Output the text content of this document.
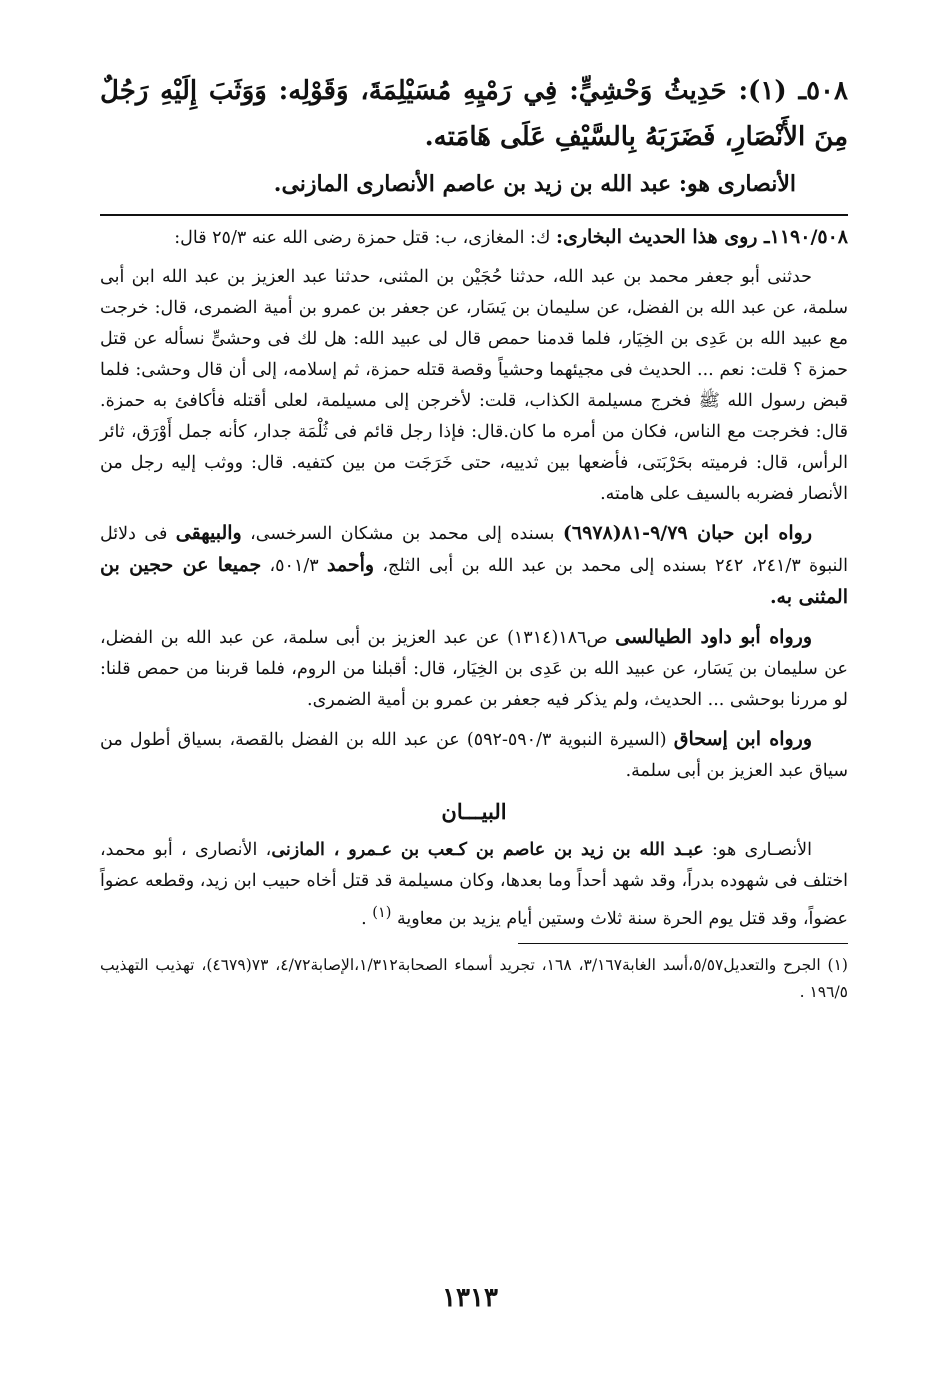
٥٠٨ـ (١): حَدِيثُ وَحْشِيٍّ: فِي رَمْيِهِ مُسَيْلِمَةَ، وَقَوْلِه: وَوَثَبَ إِلَيْهِ رَجُلٌ مِنَ الأَنْصَارِ، فَضَرَبَهُ بِالسَّيْفِ عَلَى هَامَته.

الأنصارى هو: عبد الله بن زيد بن عاصم الأنصارى المازنى.

١١٩٠/٥٠٨ـ روى هذا الحديث البخارى: ك: المغازى، ب: قتل حمزة رضى الله عنه ٢٥/٣ قال:

حدثنى أبو جعفر محمد بن عبد الله، حدثنا حُجَيْن بن المثنى، حدثنا عبد العزيز بن عبد الله ابن أبى سلمة، عن عبد الله بن الفضل، عن سليمان بن يَسَار، عن جعفر بن عمرو بن أمية الضمرى، قال: خرجت مع عبيد الله بن عَدِى بن الخِيَار، فلما قدمنا حمص قال لى عبيد الله: هل لك فى وحشىٍّ نسأله عن قتل حمزة ؟ قلت: نعم ... الحديث فى مجيئهما وحشياً وقصة قتله حمزة، ثم إسلامه، إلى أن قال وحشى: فلما قبض رسول الله ﷺ فخرج مسيلمة الكذاب، قلت: لأخرجن إلى مسيلمة، لعلى أقتله فأكافئ به حمزة. قال: فخرجت مع الناس، فكان من أمره ما كان.قال: فإذا رجل قائم فى ثُلْمَة جدار، كأنه جمل أَوْرَق، ثائر الرأس، قال: فرميته بحَرْبَتى، فأضعها بين ثدييه، حتى خَرَجَت من بين كتفيه. قال: ووثب إليه رجل من الأنصار فضربه بالسيف على هامته.

رواه ابن حبان ٩/٧٩-٨١(٦٩٧٨) بسنده إلى محمد بن مشكان السرخسى، والبيهقى فى دلائل النبوة ٢٤١/٣، ٢٤٢ بسنده إلى محمد بن عبد الله بن أبى الثلج، وأحمد ٥٠١/٣، جميعا عن حجين بن المثنى به.

ورواه أبو داود الطيالسى ص١٨٦(١٣١٤) عن عبد العزيز بن أبى سلمة، عن عبد الله بن الفضل، عن سليمان بن يَسَار، عن عبيد الله بن عَدِى بن الخِيَار، قال: أقبلنا من الروم، فلما قربنا من حمص قلنا: لو مررنا بوحشى ... الحديث، ولم يذكر فيه جعفر بن عمرو بن أمية الضمرى.

ورواه ابن إسحاق (السيرة النبوية ٥٩٠/٣-٥٩٢) عن عبد الله بن الفضل بالقصة، بسياق أطول من سياق عبد العزيز بن أبى سلمة.

البيـــان

الأنصـارى هو: عبـد الله بن زيد بن عاصم بن كـعب بن عـمرو ، المازنى، الأنصارى ، أبو محمد، اختلف فى شهوده بدراً، وقد شهد أحداً وما بعدها، وكان مسيلمة قد قتل أخاه حبيب ابن زيد، وقطعه عضواً عضواً، وقد قتل يوم الحرة سنة ثلاث وستين أيام يزيد بن معاوية $^{(١)}$ .

(١) الجرح والتعديل٥/٥٧،أسد الغابة٣/١٦٧، ١٦٨، تجريد أسماء الصحابة١/٣١٢،الإصابة٤/٧٢، ٧٣(٤٦٧٩)، تهذيب التهذيب ١٩٦/٥ .

١٣١٣
